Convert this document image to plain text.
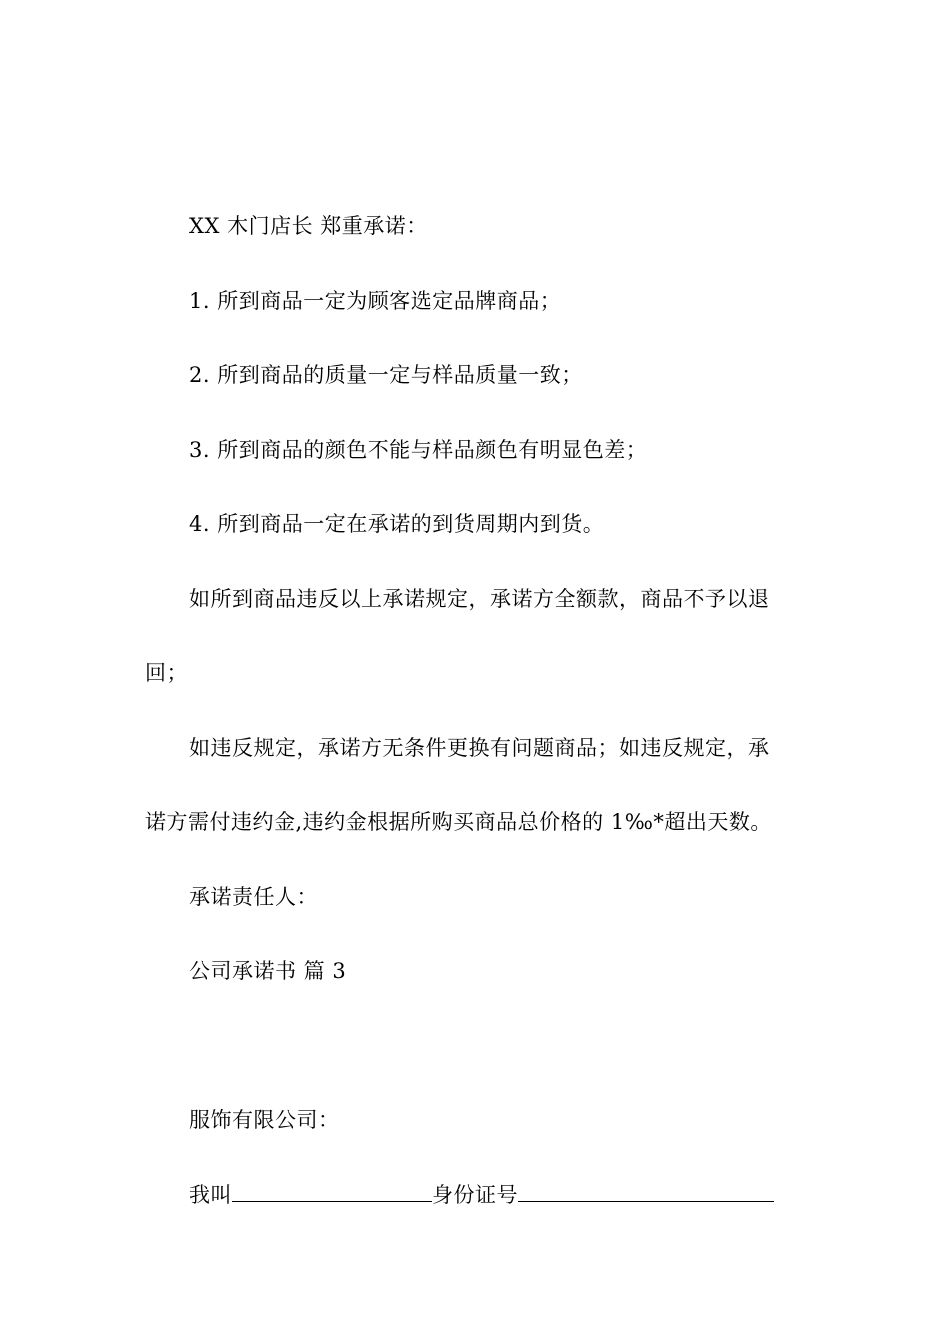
XX 木门店长 郑重承诺：
1. 所到商品一定为顾客选定品牌商品；
2. 所到商品的质量一定与样品质量一致；
3. 所到商品的颜色不能与样品颜色有明显色差；
4. 所到商品一定在承诺的到货周期内到货。
如所到商品违反以上承诺规定，承诺方全额款，商品不予以退
回；
如违反规定，承诺方无条件更换有问题商品；如违反规定，承
诺方需付违约金,违约金根据所购买商品总价格的 1‰*超出天数。
承诺责任人：
公司承诺书 篇 3
服饰有限公司：
我叫	身份证号
